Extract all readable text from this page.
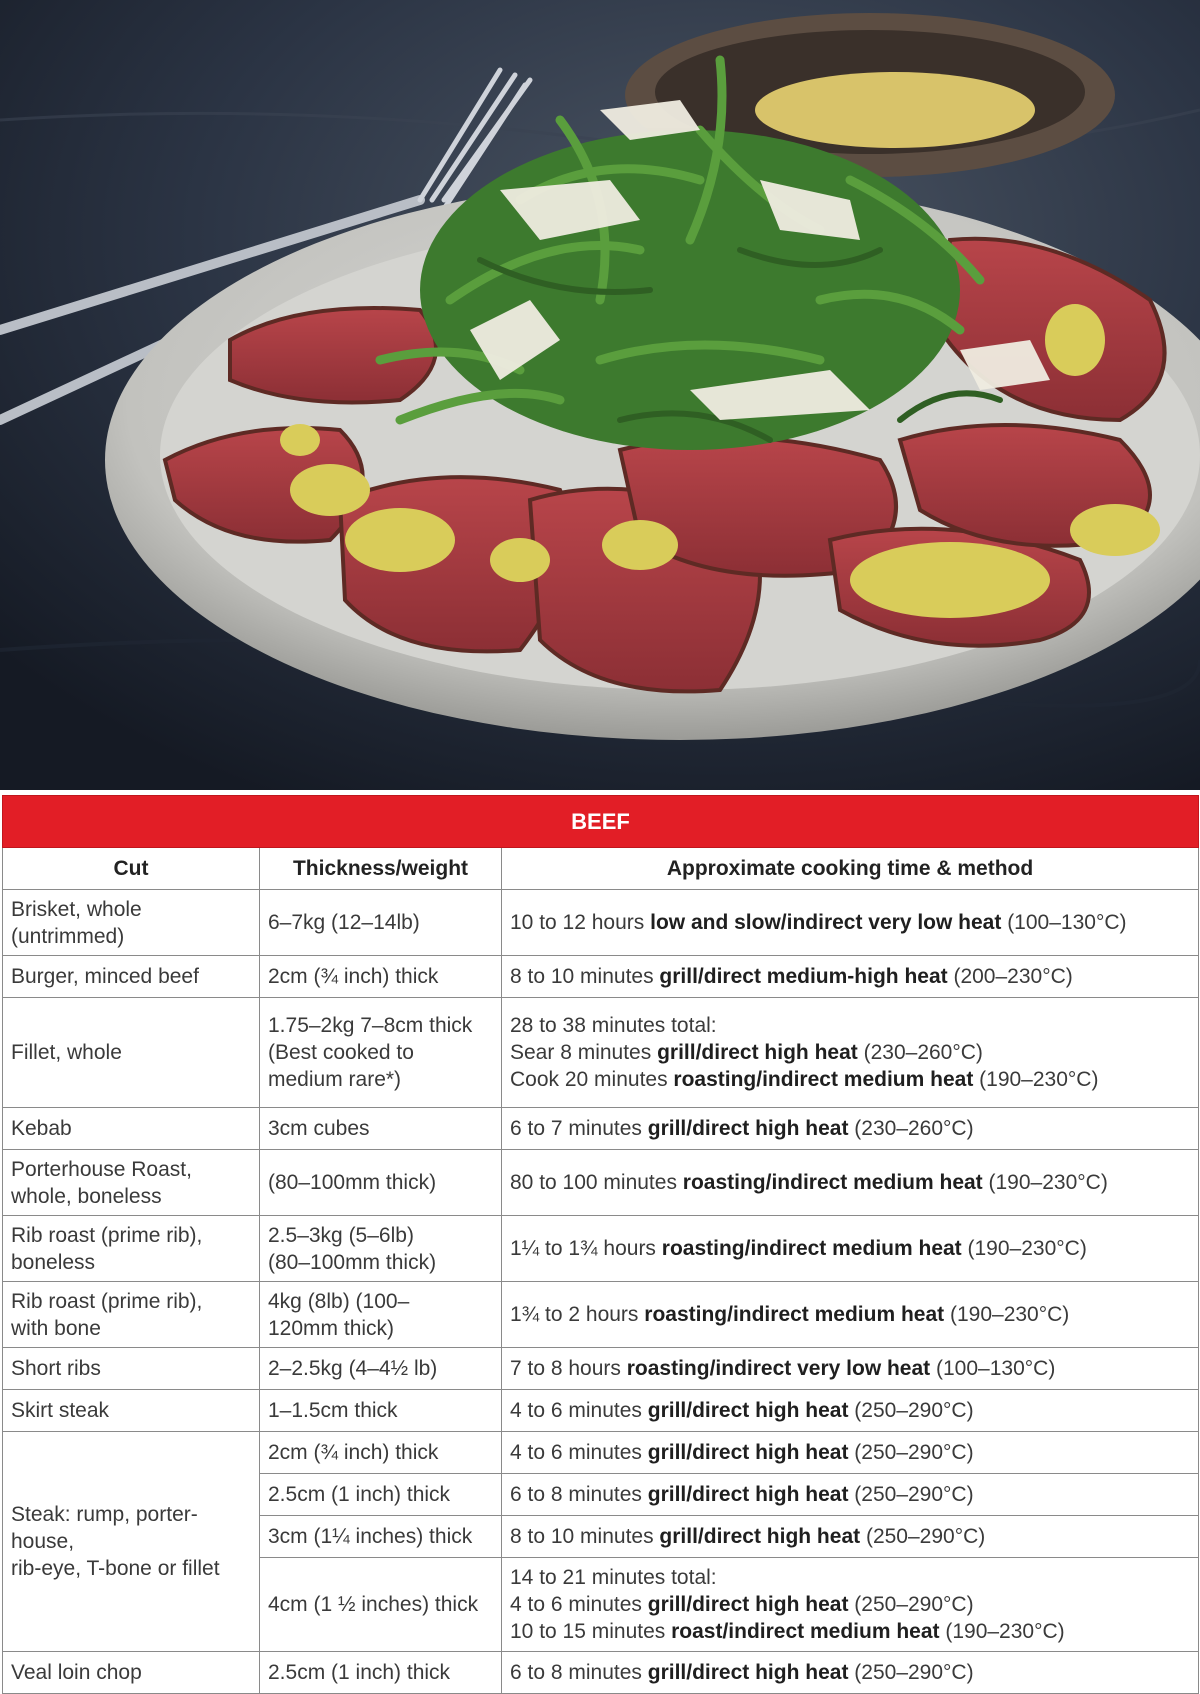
BEEF		
Cut	Thickness/weight	Approximate cooking time & method

Brisket, whole
(untrimmed)	6–7kg (12–14lb)	10 to 12 hours low and slow/indirect very low heat (100–130°C)

Burger, minced beef	2cm (¾ inch) thick	8 to 10 minutes grill/direct medium-high heat (200–230°C)

Fillet, whole	1.75–2kg 7–8cm thick
(Best cooked to
medium rare*)	28 to 38 minutes total:
Sear 8 minutes grill/direct high heat (230–260°C)
Cook 20 minutes roasting/indirect medium heat (190–230°C)

Kebab	3cm cubes	6 to 7 minutes grill/direct high heat (230–260°C)

Porterhouse Roast,
whole, boneless	(80–100mm thick)	80 to 100 minutes roasting/indirect medium heat (190–230°C)

Rib roast (prime rib),
boneless	2.5–3kg (5–6lb)
(80–100mm thick)	1¼ to 1¾ hours roasting/indirect medium heat (190–230°C)

Rib roast (prime rib),
with bone	4kg (8lb) (100–
120mm thick)	1¾ to 2 hours roasting/indirect medium heat (190–230°C)

Short ribs	2–2.5kg (4–4½ lb)	7 to 8 hours roasting/indirect very low heat (100–130°C)

Skirt steak	1–1.5cm thick	4 to 6 minutes grill/direct high heat (250–290°C)

Steak: rump, porter-
house,
rib-eye, T-bone or fillet	2cm (¾ inch) thick	4 to 6 minutes grill/direct high heat (250–290°C)

	2.5cm (1 inch) thick	6 to 8 minutes grill/direct high heat (250–290°C)

	3cm (1¼ inches) thick	8 to 10 minutes grill/direct high heat (250–290°C)

	4cm (1 ½ inches) thick	14 to 21 minutes total:
4 to 6 minutes grill/direct high heat (250–290°C)
10 to 15 minutes roast/indirect medium heat (190–230°C)

Veal loin chop	2.5cm (1 inch) thick	6 to 8 minutes grill/direct high heat (250–290°C)
